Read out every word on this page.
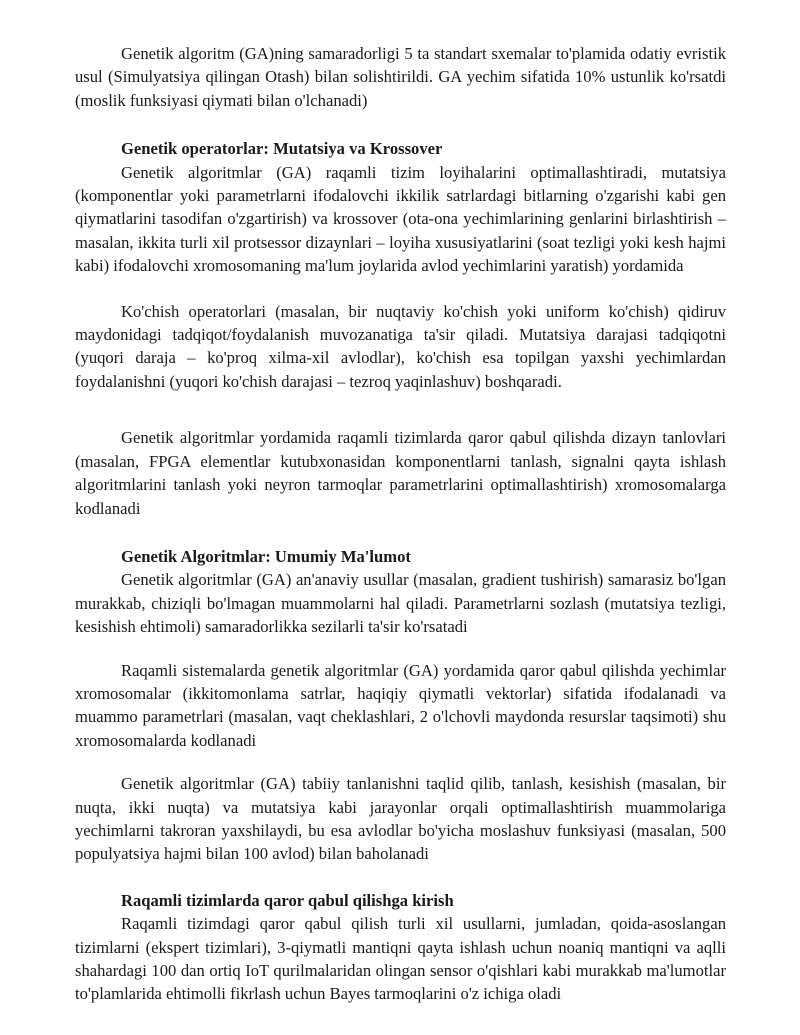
Genetik algoritm (GA)ning samaradorligi 5 ta standart sxemalar to'plamida odatiy evristik usul (Simulyatsiya qilingan Otash) bilan solishtirildi. GA yechim sifatida 10% ustunlik ko'rsatdi (moslik funksiyasi qiymati bilan o'lchanadi)

Genetik operatorlar: Mutatsiya va Krossover

Genetik algoritmlar (GA) raqamli tizim loyihalarini optimallashtiradi, mutatsiya (komponentlar yoki parametrlarni ifodalovchi ikkilik satrlardagi bitlarning o'zgarishi kabi gen qiymatlarini tasodifan o'zgartirish) va krossover (ota-ona yechimlarining genlarini birlashtirish – masalan, ikkita turli xil protsessor dizaynlari – loyiha xususiyatlarini (soat tezligi yoki kesh hajmi kabi) ifodalovchi xromosomaning ma'lum joylarida avlod yechimlarini yaratish) yordamida

Ko'chish operatorlari (masalan, bir nuqtaviy ko'chish yoki uniform ko'chish) qidiruv maydonidagi tadqiqot/foydalanish muvozanatiga ta'sir qiladi. Mutatsiya darajasi tadqiqotni (yuqori daraja – ko'proq xilma-xil avlodlar), ko'chish esa topilgan yaxshi yechimlardan foydalanishni (yuqori ko'chish darajasi – tezroq yaqinlashuv) boshqaradi.

Genetik algoritmlar yordamida raqamli tizimlarda qaror qabul qilishda dizayn tanlovlari (masalan, FPGA elementlar kutubxonasidan komponentlarni tanlash, signalni qayta ishlash algoritmlarini tanlash yoki neyron tarmoqlar parametrlarini optimallashtirish) xromosomalarga kodlanadi

Genetik Algoritmlar: Umumiy Ma'lumot

Genetik algoritmlar (GA) an'anaviy usullar (masalan, gradient tushirish) samarasiz bo'lgan murakkab, chiziqli bo'lmagan muammolarni hal qiladi. Parametrlarni sozlash (mutatsiya tezligi, kesishish ehtimoli) samaradorlikka sezilarli ta'sir ko'rsatadi

Raqamli sistemalarda genetik algoritmlar (GA) yordamida qaror qabul qilishda yechimlar xromosomalar (ikkitomonlama satrlar, haqiqiy qiymatli vektorlar) sifatida ifodalanadi va muammo parametrlari (masalan, vaqt cheklashlari, 2 o'lchovli maydonda resurslar taqsimoti) shu xromosomalarda kodlanadi

Genetik algoritmlar (GA) tabiiy tanlanishni taqlid qilib, tanlash, kesishish (masalan, bir nuqta, ikki nuqta) va mutatsiya kabi jarayonlar orqali optimallashtirish muammolariga yechimlarni takroran yaxshilaydi, bu esa avlodlar bo'yicha moslashuv funksiyasi (masalan, 500 populyatsiya hajmi bilan 100 avlod) bilan baholanadi

Raqamli tizimlarda qaror qabul qilishga kirish

Raqamli tizimdagi qaror qabul qilish turli xil usullarni, jumladan, qoida-asoslangan tizimlarni (ekspert tizimlari), 3-qiymatli mantiqni qayta ishlash uchun noaniq mantiqni va aqlli shahardagi 100 dan ortiq IoT qurilmalaridan olingan sensor o'qishlari kabi murakkab ma'lumotlar to'plamlarida ehtimolli fikrlash uchun Bayes tarmoqlarini o'z ichiga oladi
